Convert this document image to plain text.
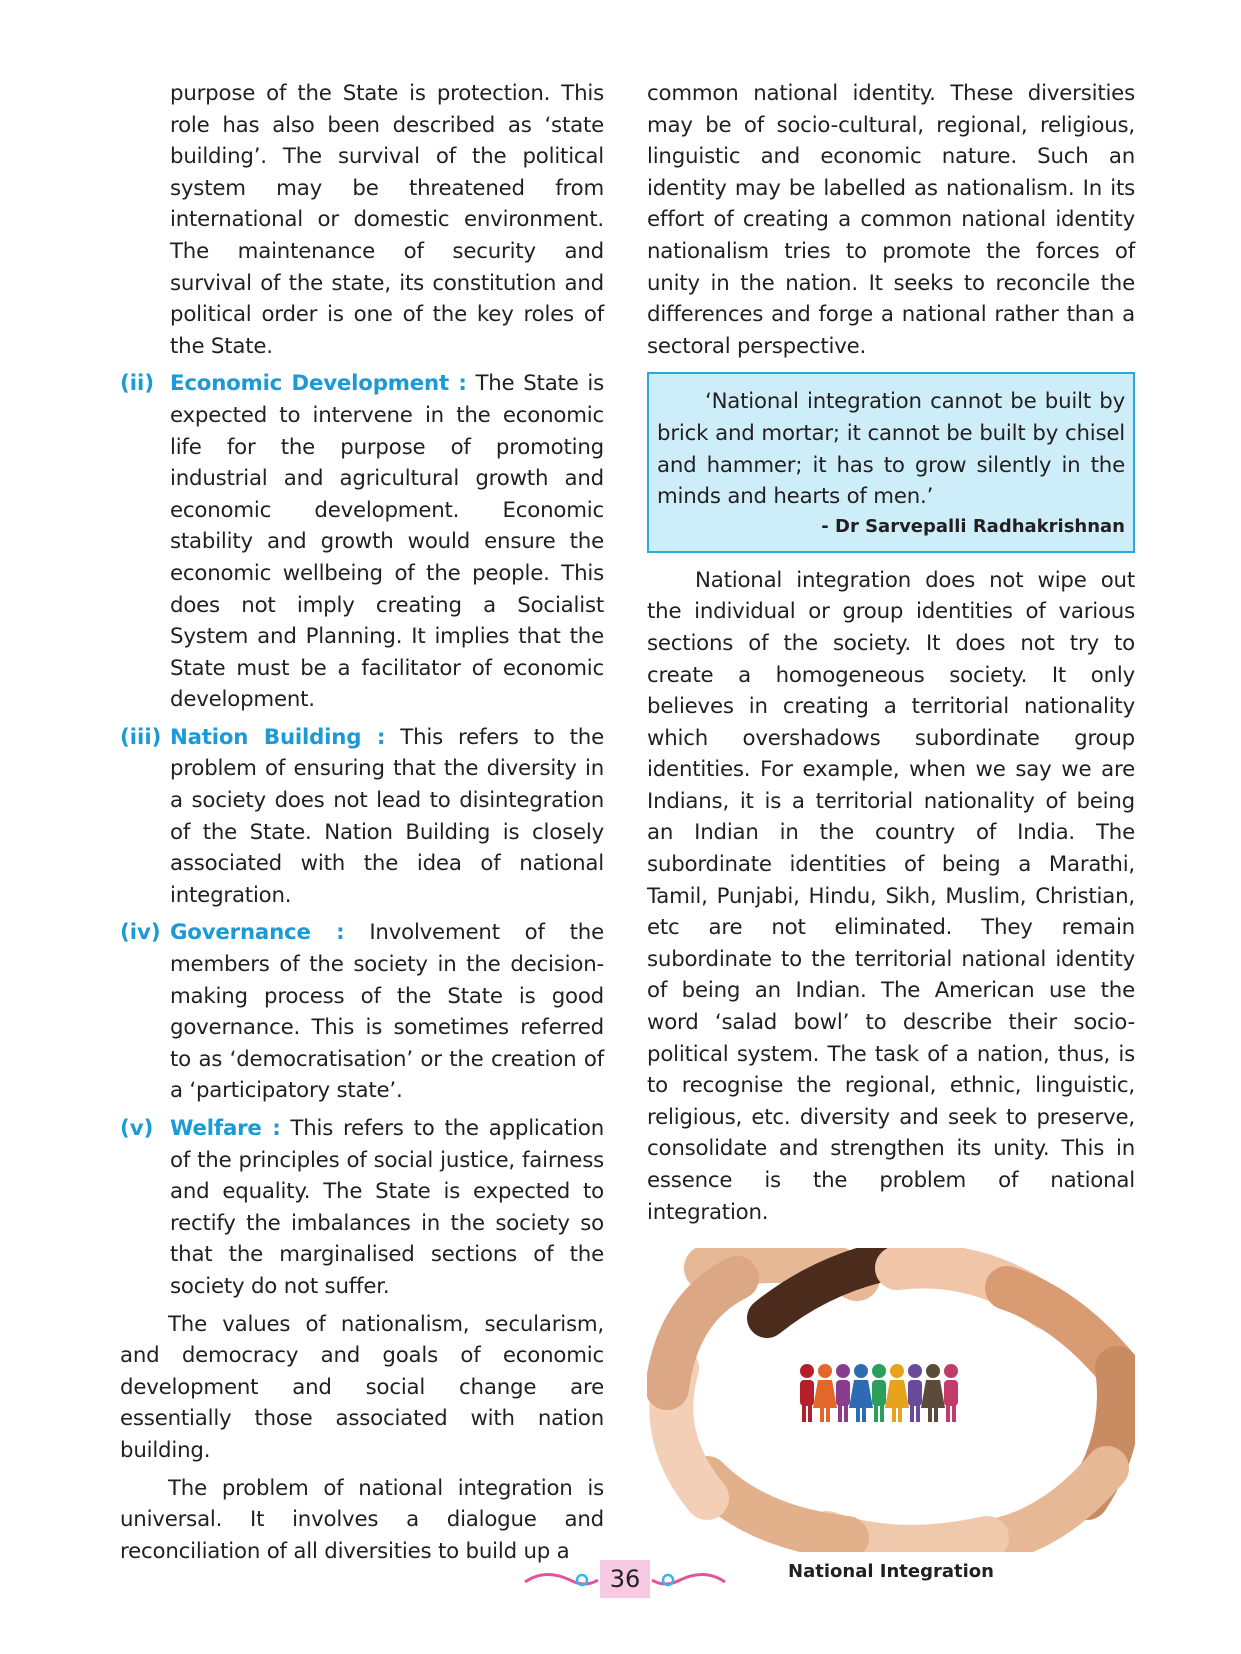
purpose of the State is protection. This role has also been described as ‘state building’. The survival of the political system may be threatened from international or domestic environment. The maintenance of security and survival of the state, its constitution and political order is one of the key roles of the State.

(ii) Economic Development : The State is expected to intervene in the economic life for the purpose of promoting industrial and agricultural growth and economic development. Economic stability and growth would ensure the economic wellbeing of the people. This does not imply creating a Socialist System and Planning. It implies that the State must be a facilitator of economic development.

(iii) Nation Building : This refers to the problem of ensuring that the diversity in a society does not lead to disintegration of the State. Nation Building is closely associated with the idea of national integration.

(iv) Governance : Involvement of the members of the society in the decision-making process of the State is good governance. This is sometimes referred to as ‘democratisation’ or the creation of a ‘participatory state’.

(v) Welfare : This refers to the application of the principles of social justice, fairness and equality. The State is expected to rectify the imbalances in the society so that the marginalised sections of the society do not suffer.

The values of nationalism, secularism, and democracy and goals of economic development and social change are essentially those associated with nation building.

The problem of national integration is universal. It involves a dialogue and reconciliation of all diversities to build up a

common national identity. These diversities may be of socio-cultural, regional, religious, linguistic and economic nature. Such an identity may be labelled as nationalism. In its effort of creating a common national identity nationalism tries to promote the forces of unity in the nation. It seeks to reconcile the differences and forge a national rather than a sectoral perspective.

‘National integration cannot be built by brick and mortar; it cannot be built by chisel and hammer; it has to grow silently in the minds and hearts of men.’

- Dr Sarvepalli Radhakrishnan

National integration does not wipe out the individual or group identities of various sections of the society. It does not try to create a homogeneous society. It only believes in creating a territorial nationality which overshadows subordinate group identities. For example, when we say we are Indians, it is a territorial nationality of being an Indian in the country of India. The subordinate identities of being a Marathi, Tamil, Punjabi, Hindu, Sikh, Muslim, Christian, etc are not eliminated. They remain subordinate to the territorial national identity of being an Indian. The American use the word ‘salad bowl’ to describe their socio-political system. The task of a nation, thus, is to recognise the regional, ethnic, linguistic, religious, etc. diversity and seek to preserve, consolidate and strengthen its unity. This in essence is the problem of national integration.

National Integration
36
